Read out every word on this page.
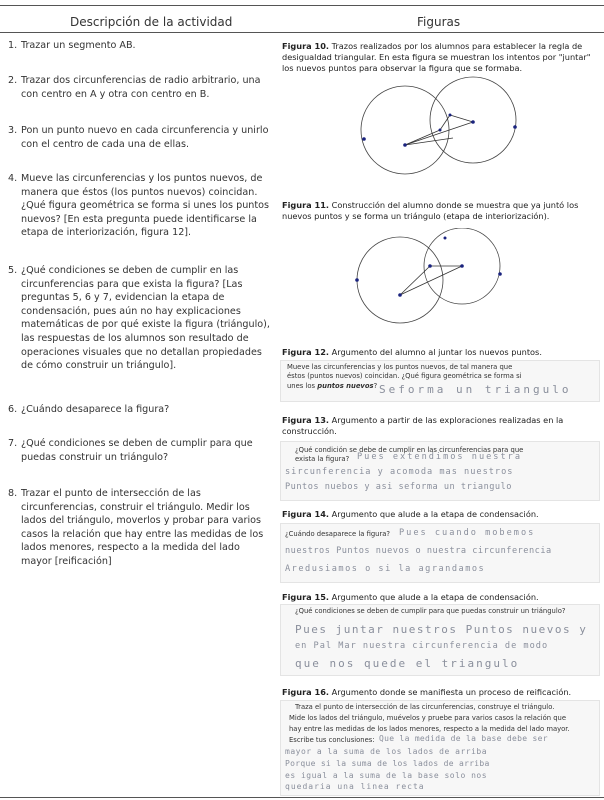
Descripción de la actividad	Figuras
1. Trazar un segmento AB.
2. Trazar dos circunferencias de radio arbitrario, una con centro en A y otra con centro en B.
3. Pon un punto nuevo en cada circunferencia y unirlo con el centro de cada una de ellas.
4. Mueve las circunferencias y los puntos nuevos, de manera que éstos (los puntos nuevos) coincidan. ¿Qué figura geométrica se forma si unes los puntos nuevos? [En esta pregunta puede identificarse la etapa de interiorización, figura 12].
5. ¿Qué condiciones se deben de cumplir en las circunferencias para que exista la figura? [Las preguntas 5, 6 y 7, evidencian la etapa de condensación, pues aún no hay explicaciones matemáticas de por qué existe la figura (triángulo), las respuestas de los alumnos son resultado de operaciones visuales que no detallan propiedades de cómo construir un triángulo].
6. ¿Cuándo desaparece la figura?
7. ¿Qué condiciones se deben de cumplir para que puedas construir un triángulo?
8. Trazar el punto de intersección de las circunferencias, construir el triángulo. Medir los lados del triángulo, moverlos y probar para varios casos la relación que hay entre las medidas de los lados menores, respecto a la medida del lado mayor [reificación]
Figura 10. Trazos realizados por los alumnos para establecer la regla de desigualdad triangular. En esta figura se muestran los intentos por "juntar" los nuevos puntos para observar la figura que se formaba.
Figura 11. Construcción del alumno donde se muestra que ya juntó los nuevos puntos y se forma un triángulo (etapa de interiorización).
Figura 12. Argumento del alumno al juntar los nuevos puntos.
Mueve las circunferencias y los puntos nuevos, de tal manera que
éstos (puntos nuevos) coincidan. ¿Qué figura geométrica se forma si
unes los puntos nuevos? Seforma un triangulo
Figura 13. Argumento a partir de las exploraciones realizadas en la construcción.
¿Qué condición se debe de cumplir en las circunferencias para que
exista la figura? Pues extendimos nuestra
sircunferencia y acomoda mas nuestros
Puntos nuebos y asi seforma un triangulo
Figura 14. Argumento que alude a la etapa de condensación.
¿Cuándo desaparece la figura? Pues cuando mobemos
nuestros Puntos nuevos o nuestra circunferencia
Aredusiamos o si la agrandamos
Figura 15. Argumento que alude a la etapa de condensación.
¿Qué condiciones se deben de cumplir para que puedas construir un triángulo?
Pues juntar nuestros Puntos nuevos y
en Pal Mar nuestra circunferencia de modo
que nos quede el triangulo
Figura 16. Argumento donde se manifiesta un proceso de reificación.
Traza el punto de intersección de las circunferencias, construye el triángulo.
Mide los lados del triángulo, muévelos y pruebe para varios casos la relación que
hay entre las medidas de los lados menores, respecto a la medida del lado mayor.
Escribe tus conclusiones: Que la medida de la base debe ser
mayor a la suma de los lados de arriba
Porque si la suma de los lados de arriba
es igual a la suma de la base solo nos
quedaria una linea recta
